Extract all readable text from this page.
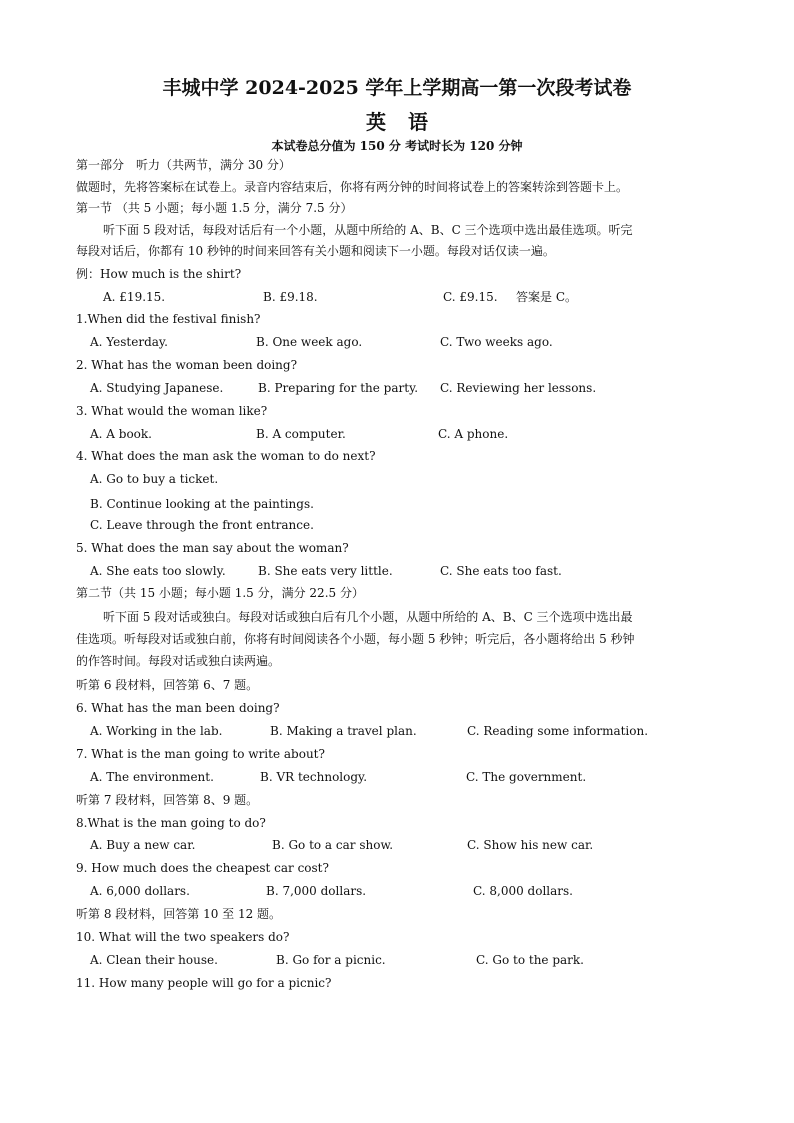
丰城中学 2024-2025 学年上学期高一第一次段考试卷
英语
本试卷总分值为 150 分 考试时长为 120 分钟
第一部分　听力（共两节，满分 30 分）
做题时，先将答案标在试卷上。录音内容结束后，你将有两分钟的时间将试卷上的答案转涂到答题卡上。
第一节 （共 5 小题；每小题 1.5 分，满分 7.5 分）
听下面 5 段对话，每段对话后有一个小题，从题中所给的 A、B、C 三个选项中选出最佳选项。听完
每段对话后，你都有 10 秒钟的时间来回答有关小题和阅读下一小题。每段对话仅读一遍。
例：How much is the shirt?
A. £19.15.	B. £9.18.	C. £9.15. 答案是 C。
1.When did the festival finish?
A. Yesterday.	B. One week ago.	C. Two weeks ago.
2. What has the woman been doing?
A. Studying Japanese.	B. Preparing for the party. C. Reviewing her lessons.
3. What would the woman like?
A. A book.	B. A computer.	C. A phone.
4. What does the man ask the woman to do next?
A. Go to buy a ticket.
B. Continue looking at the paintings.
C. Leave through the front entrance.
5. What does the man say about the woman?
A. She eats too slowly.	B. She eats very little.	C. She eats too fast.
第二节（共 15 小题；每小题 1.5 分，满分 22.5 分）
听下面 5 段对话或独白。每段对话或独白后有几个小题，从题中所给的 A、B、C 三个选项中选出最
佳选项。听每段对话或独白前，你将有时间阅读各个小题，每小题 5 秒钟；听完后，各小题将给出 5 秒钟
的作答时间。每段对话或独白读两遍。
听第 6 段材料，回答第 6、7 题。
6. What has the man been doing?
A. Working in the lab.	B. Making a travel plan.	C. Reading some information.
7. What is the man going to write about?
A. The environment.	B. VR technology.	C. The government.
听第 7 段材料，回答第 8、9 题。
8.What is the man going to do?
A. Buy a new car.	B. Go to a car show.	C. Show his new car.
9. How much does the cheapest car cost?
A. 6,000 dollars.	B. 7,000 dollars.	C. 8,000 dollars.
听第 8 段材料，回答第 10 至 12 题。
10. What will the two speakers do?
A. Clean their house.	B. Go for a picnic.	C. Go to the park.
11. How many people will go for a picnic?
